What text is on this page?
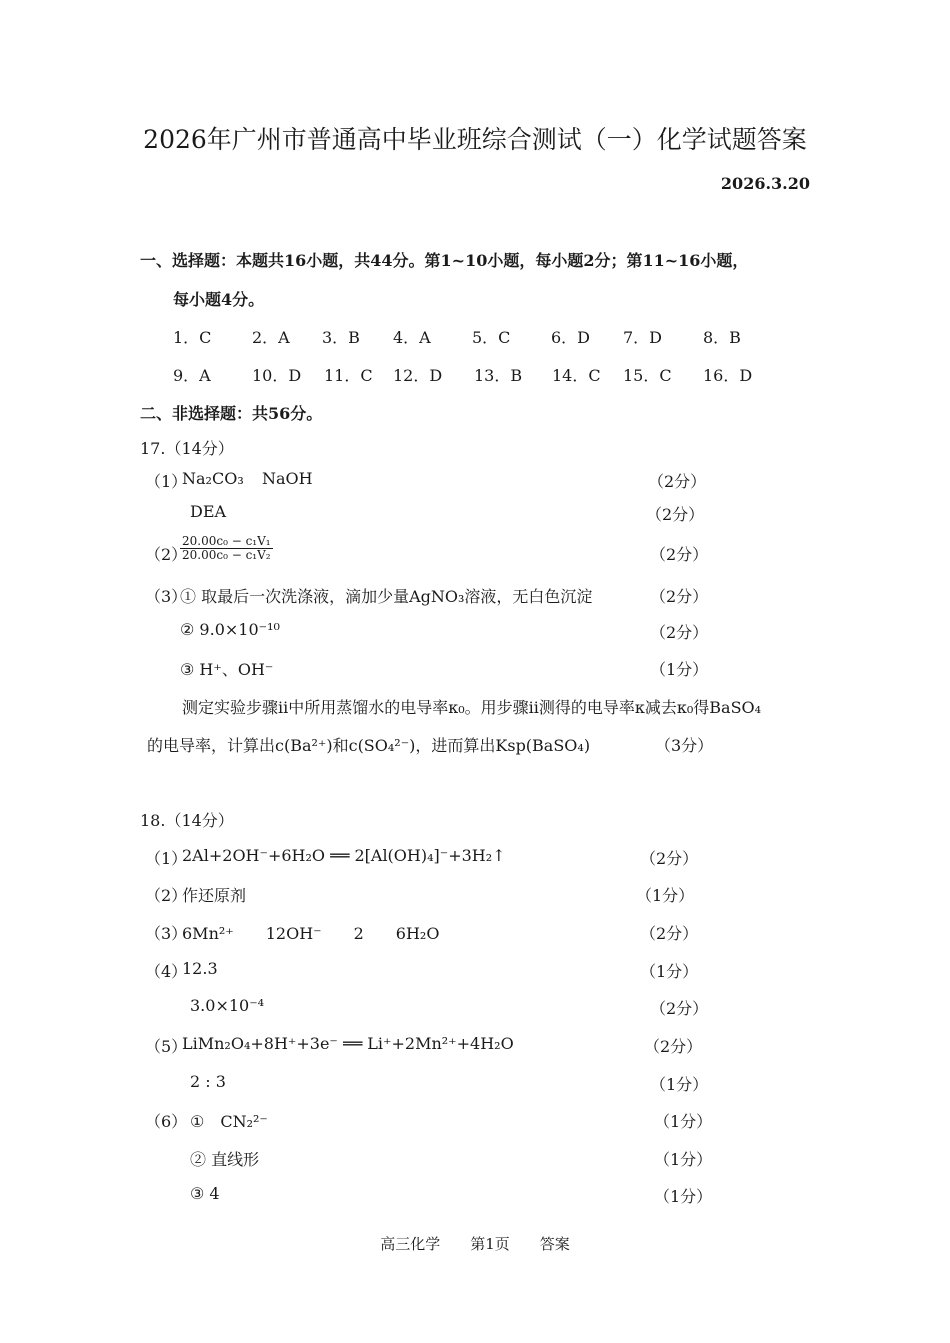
2026年广州市普通高中毕业班综合测试（一）化学试题答案
2026.3.20
一、选择题：本题共16小题，共44分。第1~10小题，每小题2分；第11~16小题，
每小题4分。
1．C	2．A 3．B 4．A	5．C	6．D 7．D	8．B
9．A	10．D 11．C 12．D 13．B 14．C 15．C 16．D
二、非选择题：共56分。
17.（14分）
（1）
Na₂CO₃ NaOH	（2分）
DEA	（2分）
（2）
$\frac{\text{20.00c₀ − c₁V₁}}{\text{20.00c₀ − c₁V₂}}$	（2分）
（3）
① 取最后一次洗涤液，滴加少量AgNO₃溶液，无白色沉淀	（2分）
② 9.0×10⁻¹⁰	（2分）
③ H⁺、OH⁻	（1分）
测定实验步骤ii中所用蒸馏水的电导率κ₀。用步骤ii测得的电导率κ减去κ₀得BaSO₄
的电导率，计算出c(Ba²⁺)和c(SO₄²⁻)，进而算出Ksp(BaSO₄)	（3分）
18.（14分）
（1）
2Al+2OH⁻+6H₂O ══ 2[Al(OH)₄]⁻+3H₂↑	（2分）
（2）
作还原剂	（1分）
（3）
6Mn²⁺　　12OH⁻　　2　　6H₂O	（2分）
（4）
12.3	（1分）
3.0×10⁻⁴	（2分）
（5）
LiMn₂O₄+8H⁺+3e⁻ ══ Li⁺+2Mn²⁺+4H₂O	（2分）
2 : 3	（1分）
（6） ①　CN₂²⁻	（1分）
② 直线形	（1分）
③ 4	（1分）
高三化学　　第1页　　答案
